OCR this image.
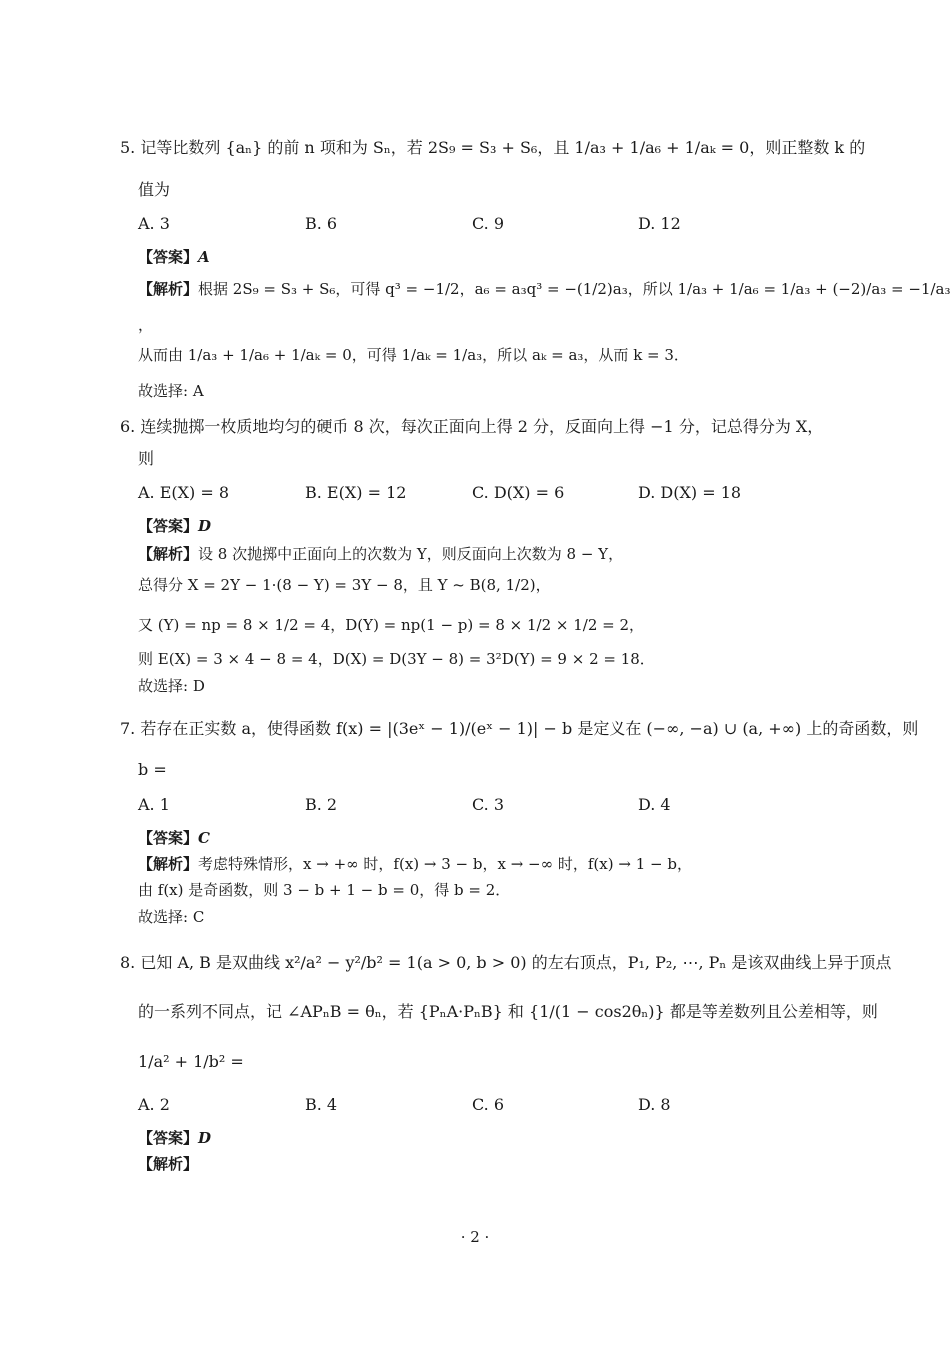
5. 记等比数列 {aₙ} 的前 n 项和为 Sₙ，若 2S₉ = S₃ + S₆，且 1/a₃ + 1/a₆ + 1/aₖ = 0，则正整数 k 的
值为
A. 3	B. 6	C. 9	D. 12
【答案】A
【解析】根据 2S₉ = S₃ + S₆，可得 q³ = −1/2，a₆ = a₃q³ = −(1/2)a₃，所以 1/a₃ + 1/a₆ = 1/a₃ + (−2)/a₃ = −1/a₃
，
从而由 1/a₃ + 1/a₆ + 1/aₖ = 0，可得 1/aₖ = 1/a₃，所以 aₖ = a₃，从而 k = 3．
故选择: A
6. 连续抛掷一枚质地均匀的硬币 8 次，每次正面向上得 2 分，反面向上得 −1 分，记总得分为 X，
则
A. E(X) = 8	B. E(X) = 12	C. D(X) = 6	D. D(X) = 18
【答案】D
【解析】设 8 次抛掷中正面向上的次数为 Y，则反面向上次数为 8 − Y，
总得分 X = 2Y − 1·(8 − Y) = 3Y − 8，且 Y ~ B(8, 1/2)，
又 (Y) = np = 8 × 1/2 = 4，D(Y) = np(1 − p) = 8 × 1/2 × 1/2 = 2，
则 E(X) = 3 × 4 − 8 = 4，D(X) = D(3Y − 8) = 3²D(Y) = 9 × 2 = 18．
故选择: D
7. 若存在正实数 a，使得函数 f(x) = |(3eˣ − 1)/(eˣ − 1)| − b 是定义在 (−∞, −a) ∪ (a, +∞) 上的奇函数，则
b =
A. 1	B. 2	C. 3	D. 4
【答案】C
【解析】考虑特殊情形，x → +∞ 时，f(x) → 3 − b，x → −∞ 时，f(x) → 1 − b，
由 f(x) 是奇函数，则 3 − b + 1 − b = 0，得 b = 2．
故选择: C
8. 已知 A, B 是双曲线 x²/a² − y²/b² = 1(a > 0, b > 0) 的左右顶点，P₁, P₂, ⋯, Pₙ 是该双曲线上异于顶点
的一系列不同点，记 ∠APₙB = θₙ，若 {PₙA·PₙB} 和 {1/(1 − cos2θₙ)} 都是等差数列且公差相等，则
1/a² + 1/b² =
A. 2	B. 4	C. 6	D. 8
【答案】D
【解析】
· 2 ·
